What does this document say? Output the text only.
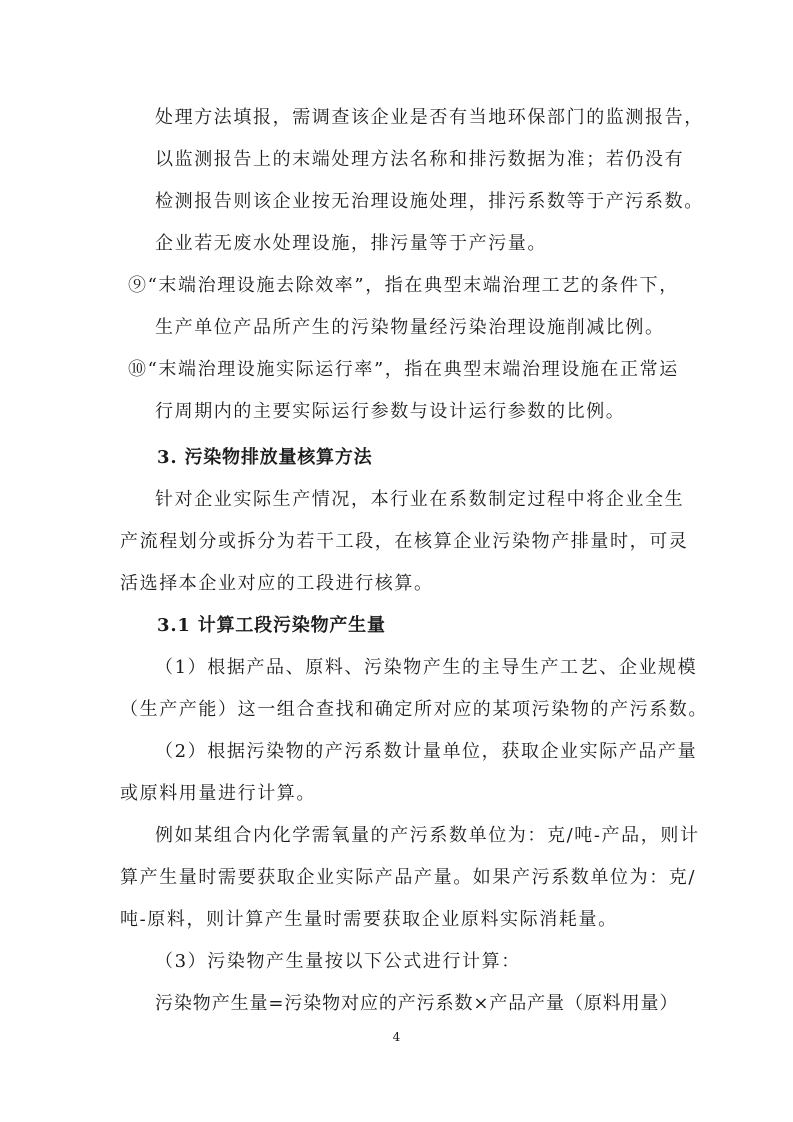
处理方法填报，需调查该企业是否有当地环保部门的监测报告，

以监测报告上的末端处理方法名称和排污数据为准；若仍没有

检测报告则该企业按无治理设施处理，排污系数等于产污系数。

企业若无废水处理设施，排污量等于产污量。

⑨“末端治理设施去除效率”，指在典型末端治理工艺的条件下，

生产单位产品所产生的污染物量经污染治理设施削减比例。

⑩“末端治理设施实际运行率”，指在典型末端治理设施在正常运

行周期内的主要实际运行参数与设计运行参数的比例。

3. 污染物排放量核算方法

针对企业实际生产情况，本行业在系数制定过程中将企业全生

产流程划分或拆分为若干工段，在核算企业污染物产排量时，可灵

活选择本企业对应的工段进行核算。

3.1 计算工段污染物产生量

（1）根据产品、原料、污染物产生的主导生产工艺、企业规模

（生产产能）这一组合查找和确定所对应的某项污染物的产污系数。

（2）根据污染物的产污系数计量单位，获取企业实际产品产量

或原料用量进行计算。

例如某组合内化学需氧量的产污系数单位为：克/吨-产品，则计

算产生量时需要获取企业实际产品产量。如果产污系数单位为：克/

吨-原料，则计算产生量时需要获取企业原料实际消耗量。

（3）污染物产生量按以下公式进行计算：

污染物产生量=污染物对应的产污系数×产品产量（原料用量）

4
